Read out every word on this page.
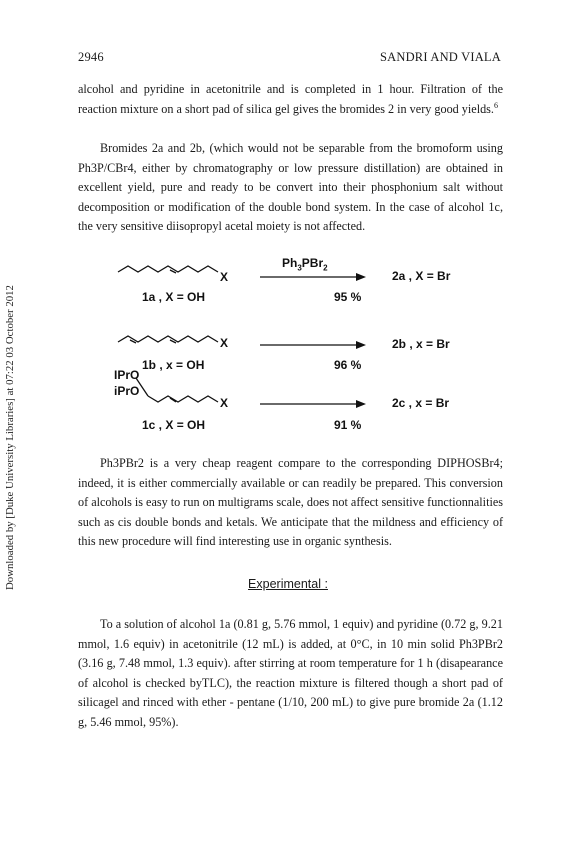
2946	SANDRI AND VIALA
Downloaded by [Duke University Libraries] at 07:22 03 October 2012

alcohol and pyridine in acetonitrile and is completed in 1 hour. Filtration of the reaction mixture on a short pad of silica gel gives the bromides 2 in very good yields.$^6$

Bromides 2a and 2b, (which would not be separable from the bromoform using Ph3P/CBr4, either by chromatography or low pressure distillation) are obtained in excellent yield, pure and ready to be convert into their phosphonium salt without decomposition or modification of the double bond system. In the case of alcohol 1c, the very sensitive diisopropyl acetal moiety is not affected.

X
$Ph_3PBr_2$
2a , X = Br
1a , X = OH	95 %
X	2b , x = Br
1b , x = OH	96 %
IPrO
iPrO
X	2c , x = Br
1c , X = OH	91 %

Ph3PBr2 is a very cheap reagent compare to the corresponding DIPHOSBr4; indeed, it is either commercially available or can readily be prepared. This conversion of alcohols is easy to run on multigrams scale, does not affect sensitive functionnalities such as cis double bonds and ketals. We anticipate that the mildness and efficiency of this new procedure will find interesting use in organic synthesis.

Experimental :

To a solution of alcohol 1a (0.81 g, 5.76 mmol, 1 equiv) and pyridine (0.72 g, 9.21 mmol, 1.6 equiv) in acetonitrile (12 mL) is added, at 0°C, in 10 min solid Ph3PBr2 (3.16 g, 7.48 mmol, 1.3 equiv). after stirring at room temperature for 1 h (disapearance of alcohol is checked byTLC), the reaction mixture is filtered though a short pad of silicagel and rinced with ether - pentane (1/10, 200 mL) to give pure bromide 2a (1.12 g, 5.46 mmol, 95%).
